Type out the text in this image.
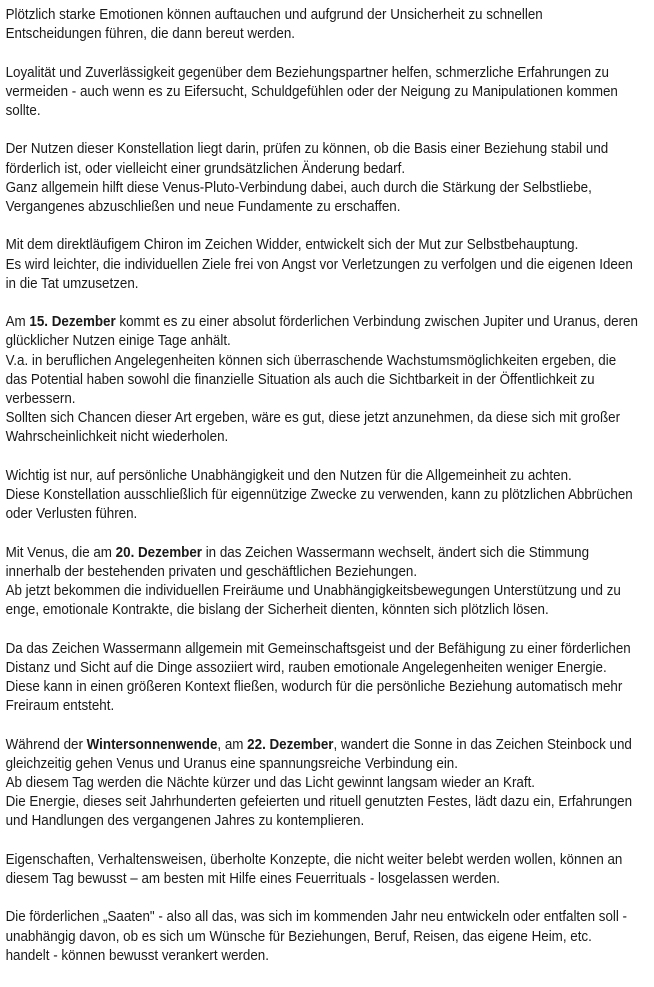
Plötzlich starke Emotionen können auftauchen und aufgrund der Unsicherheit zu schnellen Entscheidungen führen, die dann bereut werden.

Loyalität und Zuverlässigkeit gegenüber dem Beziehungspartner helfen, schmerzliche Erfahrungen zu vermeiden - auch wenn es zu Eifersucht, Schuldgefühlen oder der Neigung zu Manipulationen kommen sollte.

Der Nutzen dieser Konstellation liegt darin, prüfen zu können, ob die Basis einer Beziehung stabil und förderlich ist, oder vielleicht einer grundsätzlichen Änderung bedarf.
Ganz allgemein hilft diese Venus-Pluto-Verbindung dabei, auch durch die Stärkung der Selbstliebe, Vergangenes abzuschließen und neue Fundamente zu erschaffen.

Mit dem direktläufigem Chiron im Zeichen Widder, entwickelt sich der Mut zur Selbstbehauptung.
Es wird leichter, die individuellen Ziele frei von Angst vor Verletzungen zu verfolgen und die eigenen Ideen in die Tat umzusetzen.

Am 15. Dezember kommt es zu einer absolut förderlichen Verbindung zwischen Jupiter und Uranus, deren glücklicher Nutzen einige Tage anhält.
V.a. in beruflichen Angelegenheiten können sich überraschende Wachstumsmöglichkeiten ergeben, die das Potential haben sowohl die finanzielle Situation als auch die Sichtbarkeit in der Öffentlichkeit zu verbessern.
Sollten sich Chancen dieser Art ergeben, wäre es gut, diese jetzt anzunehmen, da diese sich mit großer Wahrscheinlichkeit nicht wiederholen.

Wichtig ist nur, auf persönliche Unabhängigkeit und den Nutzen für die Allgemeinheit zu achten.
Diese Konstellation ausschließlich für eigennützige Zwecke zu verwenden, kann zu plötzlichen Abbrüchen oder Verlusten führen.

Mit Venus, die am 20. Dezember in das Zeichen Wassermann wechselt, ändert sich die Stimmung innerhalb der bestehenden privaten und geschäftlichen Beziehungen.
Ab jetzt bekommen die individuellen Freiräume und Unabhängigkeitsbewegungen Unterstützung und zu enge, emotionale Kontrakte, die bislang der Sicherheit dienten, könnten sich plötzlich lösen.

Da das Zeichen Wassermann allgemein mit Gemeinschaftsgeist und der Befähigung zu einer förderlichen Distanz und Sicht auf die Dinge assoziiert wird, rauben emotionale Angelegenheiten weniger Energie.
Diese kann in einen größeren Kontext fließen, wodurch für die persönliche Beziehung automatisch mehr Freiraum entsteht.

Während der Wintersonnenwende, am 22. Dezember, wandert die Sonne in das Zeichen Steinbock und gleichzeitig gehen Venus und Uranus eine spannungsreiche Verbindung ein.
Ab diesem Tag werden die Nächte kürzer und das Licht gewinnt langsam wieder an Kraft.
Die Energie, dieses seit Jahrhunderten gefeierten und rituell genutzten Festes, lädt dazu ein, Erfahrungen und Handlungen des vergangenen Jahres zu kontemplieren.

Eigenschaften, Verhaltensweisen, überholte Konzepte, die nicht weiter belebt werden wollen, können an diesem Tag bewusst – am besten mit Hilfe eines Feuerrituals - losgelassen werden.

Die förderlichen „Saaten" - also all das, was sich im kommenden Jahr neu entwickeln oder entfalten soll - unabhängig davon, ob es sich um Wünsche für Beziehungen, Beruf, Reisen, das eigene Heim, etc. handelt - können bewusst verankert werden.
